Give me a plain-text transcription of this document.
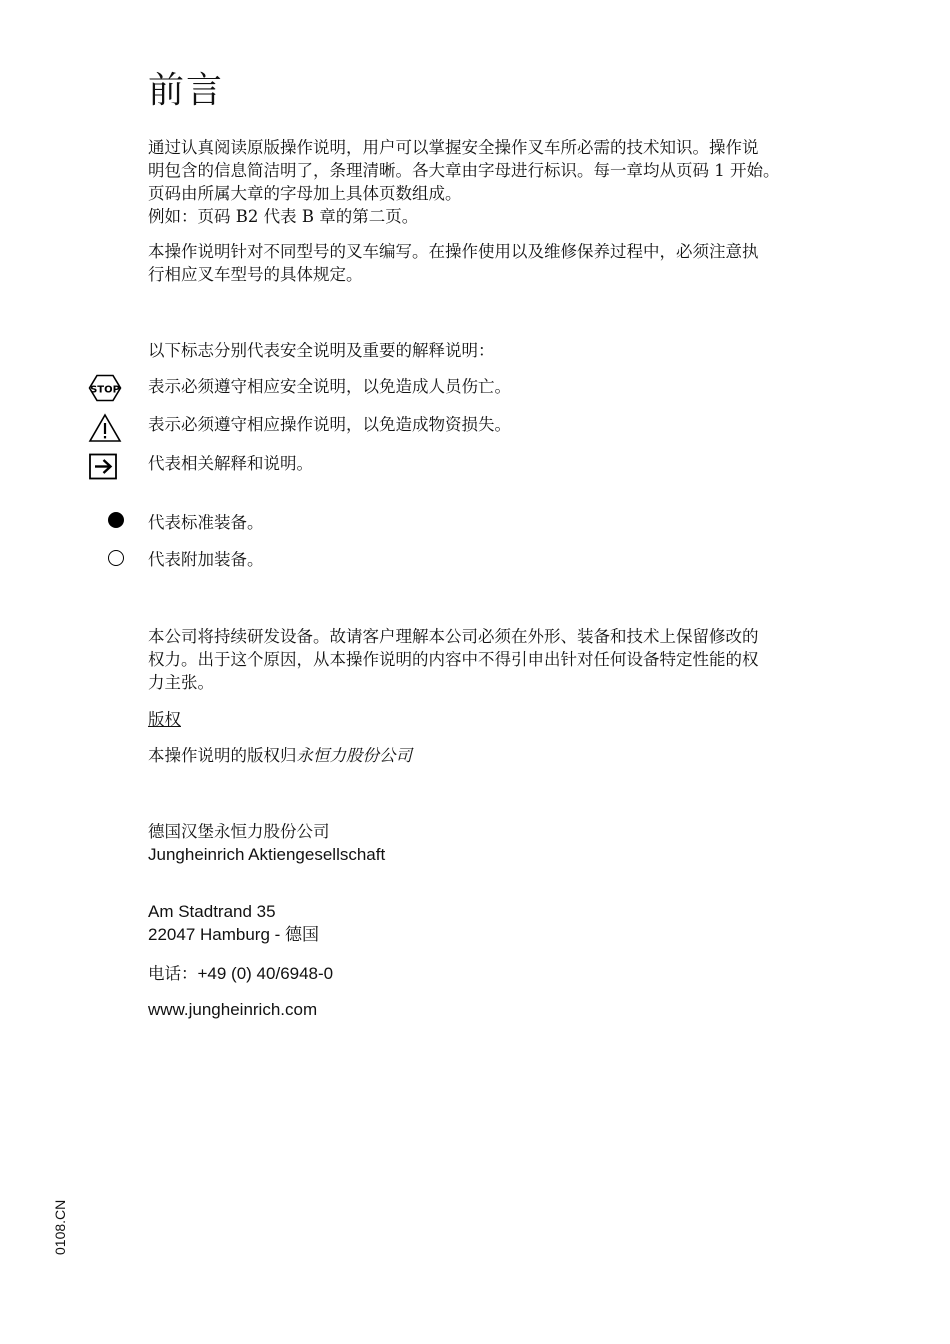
前言
通过认真阅读原版操作说明，用户可以掌握安全操作叉车所必需的技术知识。操作说
明包含的信息简洁明了，条理清晰。各大章由字母进行标识。每一章均从页码 1 开始。
页码由所属大章的字母加上具体页数组成。
例如：页码 B2 代表 B 章的第二页。
本操作说明针对不同型号的叉车编写。在操作使用以及维修保养过程中，必须注意执
行相应叉车型号的具体规定。
以下标志分别代表安全说明及重要的解释说明：
STOP 表示必须遵守相应安全说明，以免造成人员伤亡。
表示必须遵守相应操作说明，以免造成物资损失。
代表相关解释和说明。
代表标准装备。
代表附加装备。
本公司将持续研发设备。故请客户理解本公司必须在外形、装备和技术上保留修改的
权力。出于这个原因，从本操作说明的内容中不得引申出针对任何设备特定性能的权
力主张。
版权
本操作说明的版权归永恒力股份公司
德国汉堡永恒力股份公司
Jungheinrich Aktiengesellschaft
Am Stadtrand 35
22047 Hamburg - 德国
电话：+49 (0) 40/6948-0
www.jungheinrich.com
0108.CN
